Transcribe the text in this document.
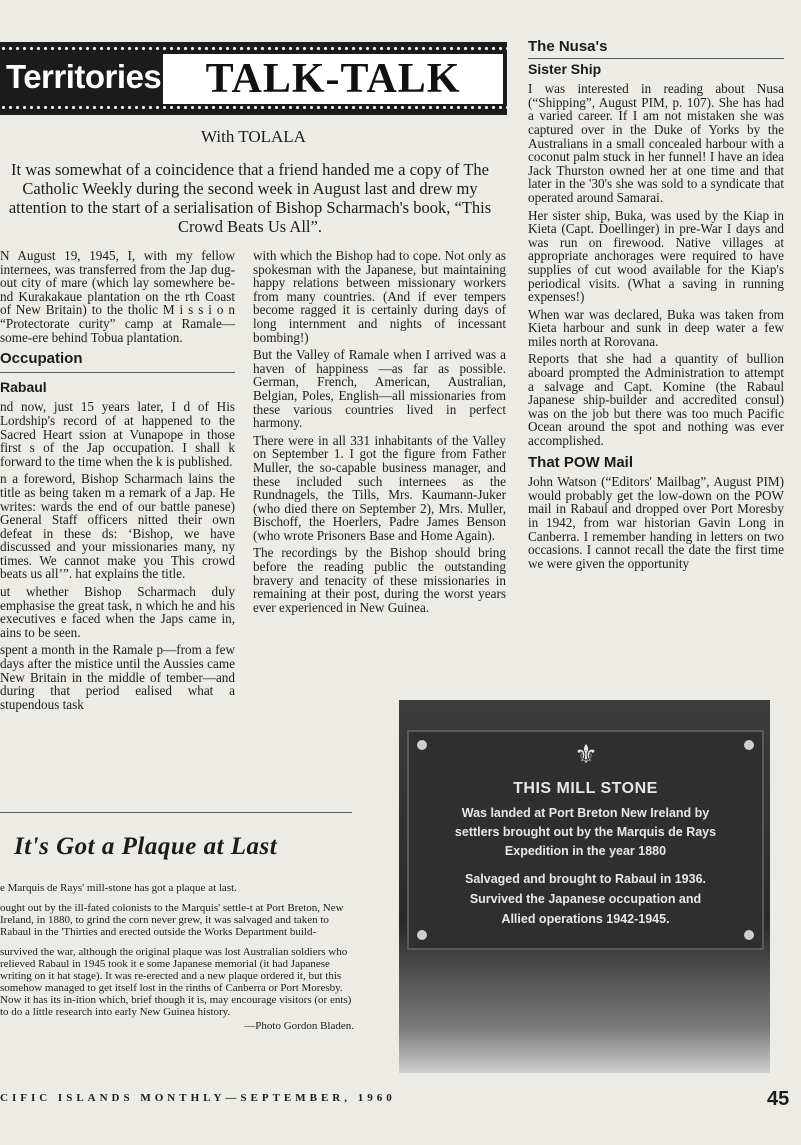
Territories	TALK-TALK
With TOLALA
It was somewhat of a coincidence that a friend handed me a copy of The Catholic Weekly during the second week in August last and drew my attention to the start of a serialisation of Bishop Scharmach's book, “This Crowd Beats Us All”.

N August 19, 1945, I, with my fellow internees, was transferred from the Jap dug-out city of mare (which lay somewhere be-nd Kurakakaue plantation on the rth Coast of New Britain) to the tholic M i s s i o n “Protectorate curity” camp at Ramale—some-ere behind Tobua plantation.

Occupation
Rabaul

nd now, just 15 years later, I d of His Lordship's record of at happened to the Sacred Heart ssion at Vunapope in those first s of the Jap occupation. I shall k forward to the time when the k is published.

n a foreword, Bishop Scharmach lains the title as being taken m a remark of a Jap. He writes: wards the end of our battle panese) General Staff officers nitted their own defeat in these ds: ‘Bishop, we have discussed and your missionaries many, ny times. We cannot make you This crowd beats us all’”. hat explains the title.

ut whether Bishop Scharmach duly emphasise the great task, n which he and his executives e faced when the Japs came in, ains to be seen.

spent a month in the Ramale p—from a few days after the mistice until the Aussies came New Britain in the middle of tember—and during that period ealised what a stupendous task

with which the Bishop had to cope. Not only as spokesman with the Japanese, but maintaining happy relations between missionary workers from many countries. (And if ever tempers become ragged it is certainly during days of long internment and nights of incessant bombing!)

But the Valley of Ramale when I arrived was a haven of happiness —as far as possible. German, French, American, Australian, Belgian, Poles, English—all missionaries from these various countries lived in perfect harmony.

There were in all 331 inhabitants of the Valley on September 1. I got the figure from Father Muller, the so-capable business manager, and these included such internees as the Rundnagels, the Tills, Mrs. Kaumann-Juker (who died there on September 2), Mrs. Muller, Bischoff, the Hoerlers, Padre James Benson (who wrote Prisoners Base and Home Again).

The recordings by the Bishop should bring before the reading public the outstanding bravery and tenacity of these missionaries in remaining at their post, during the worst years ever experienced in New Guinea.

The Nusa's
Sister Ship

I was interested in reading about Nusa (“Shipping”, August PIM, p. 107). She has had a varied career. If I am not mistaken she was captured over in the Duke of Yorks by the Australians in a small concealed harbour with a coconut palm stuck in her funnel! I have an idea Jack Thurston owned her at one time and that later in the '30's she was sold to a syndicate that operated around Samarai.

Her sister ship, Buka, was used by the Kiap in Kieta (Capt. Doellinger) in pre-War I days and was run on firewood. Native villages at appropriate anchorages were required to have supplies of cut wood available for the Kiap's periodical visits. (What a saving in running expenses!)

When war was declared, Buka was taken from Kieta harbour and sunk in deep water a few miles north at Rorovana.

Reports that she had a quantity of bullion aboard prompted the Administration to attempt a salvage and Capt. Komine (the Rabaul Japanese ship-builder and accredited consul) was on the job but there was too much Pacific Ocean around the spot and nothing was ever accomplished.

That POW Mail

John Watson (“Editors' Mailbag”, August PIM) would probably get the low-down on the POW mail in Rabaul and dropped over Port Moresby in 1942, from war historian Gavin Long in Canberra. I remember handing in letters on two occasions. I cannot recall the date the first time we were given the opportunity

It's Got a Plaque at Last

e Marquis de Rays' mill-stone has got a plaque at last.

ought out by the ill-fated colonists to the Marquis' settle-t at Port Breton, New Ireland, in 1880, to grind the corn never grew, it was salvaged and taken to Rabaul in the 'Thirties and erected outside the Works Department build-

survived the war, although the original plaque was lost Australian soldiers who relieved Rabaul in 1945 took it e some Japanese memorial (it had Japanese writing on it hat stage). It was re-erected and a new plaque ordered it, but this somehow managed to get itself lost in the rinths of Canberra or Port Moresby. Now it has its in-ition which, brief though it is, may encourage visitors (or ents) to do a little research into early New Guinea history.

—Photo Gordon Bladen.
⚜
THIS MILL STONE
Was landed at Port Breton New Ireland by
settlers brought out by the Marquis de Rays
Expedition in the year 1880
Salvaged and brought to Rabaul in 1936.
Survived the Japanese occupation and
Allied operations 1942-1945.
CIFIC ISLANDS MONTHLY—SEPTEMBER, 1960	45
